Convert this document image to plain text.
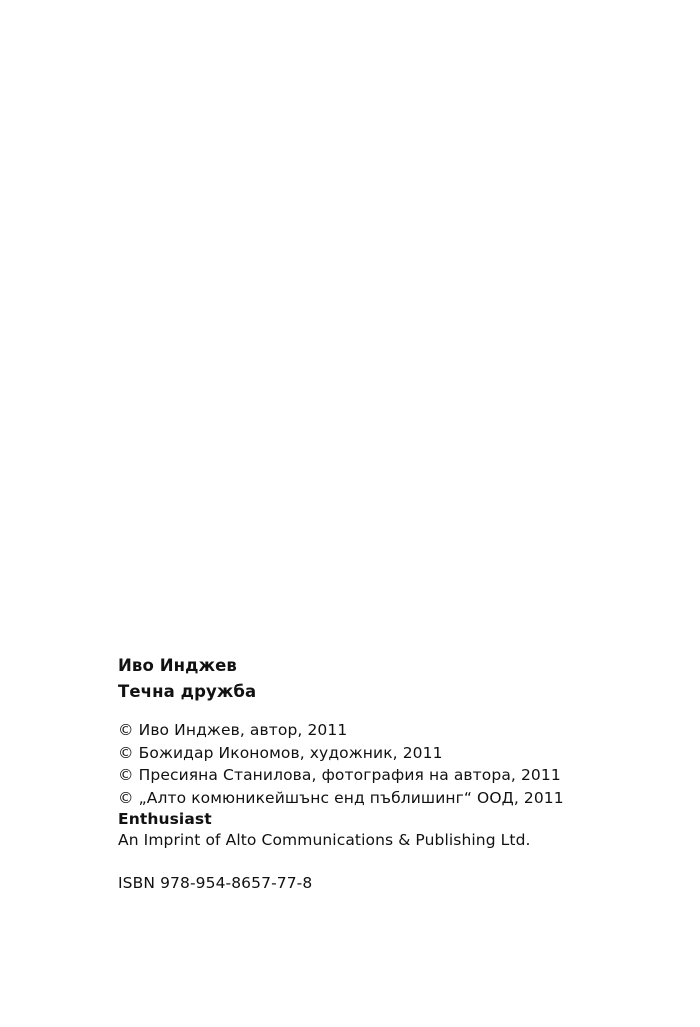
Иво Инджев
Течна дружба
© Иво Инджев, автор, 2011
© Божидар Икономов, художник, 2011
© Пресияна Станилова, фотография на автора, 2011
© „Алто комюникейшънс енд пъблишинг“ ООД, 2011
Enthusiast
An Imprint of Alto Communications & Publishing Ltd.
ISBN 978-954-8657-77-8
